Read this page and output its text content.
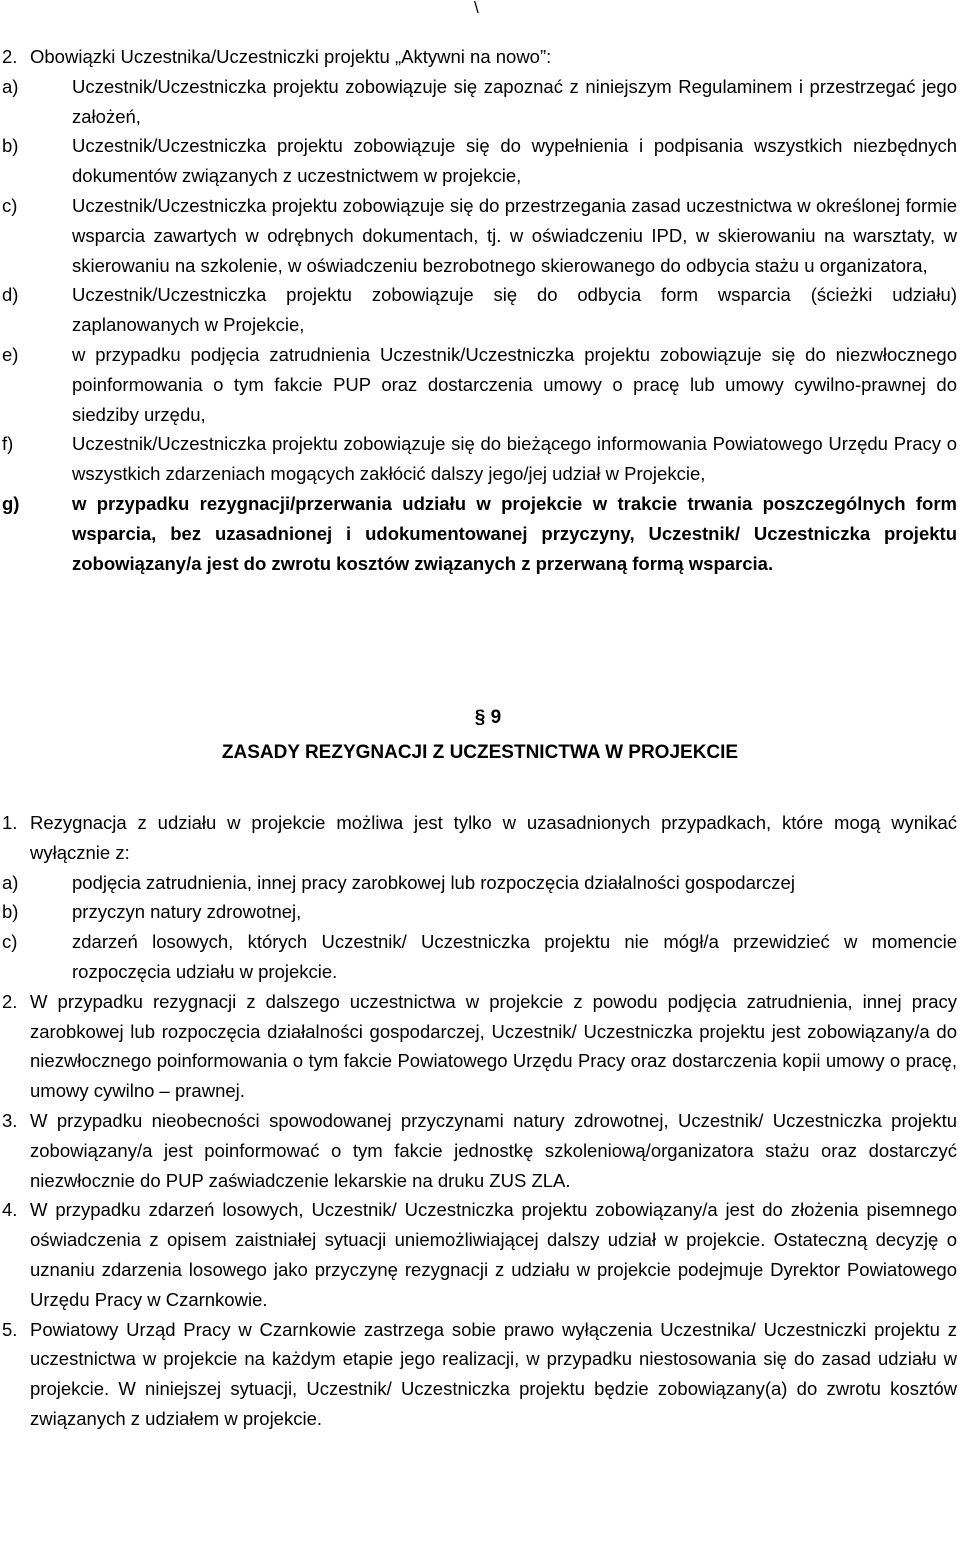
\
2. Obowiązki Uczestnika/Uczestniczki projektu „Aktywni na nowo”:
a)	Uczestnik/Uczestniczka projektu zobowiązuje się zapoznać z niniejszym Regulaminem i przestrzegać jego założeń,
b)	Uczestnik/Uczestniczka projektu zobowiązuje się do wypełnienia i podpisania wszystkich niezbędnych dokumentów związanych z uczestnictwem w projekcie,
c)	Uczestnik/Uczestniczka projektu zobowiązuje się do przestrzegania zasad uczestnictwa w określonej formie wsparcia zawartych w odrębnych dokumentach, tj. w oświadczeniu IPD, w skierowaniu na warsztaty, w skierowaniu na szkolenie, w oświadczeniu bezrobotnego skierowanego do odbycia stażu u organizatora,
d)	Uczestnik/Uczestniczka projektu zobowiązuje się do odbycia form wsparcia (ścieżki udziału) zaplanowanych w Projekcie,
e)	w przypadku podjęcia zatrudnienia Uczestnik/Uczestniczka projektu zobowiązuje się do niezwłocznego poinformowania o tym fakcie PUP oraz dostarczenia umowy o pracę lub umowy cywilno-prawnej do siedziby urzędu,
f)	Uczestnik/Uczestniczka projektu zobowiązuje się do bieżącego informowania Powiatowego Urzędu Pracy o wszystkich zdarzeniach mogących zakłócić dalszy jego/jej udział w Projekcie,
g)	w przypadku rezygnacji/przerwania udziału w projekcie w trakcie trwania poszczególnych form wsparcia, bez uzasadnionej i udokumentowanej przyczyny, Uczestnik/ Uczestniczka projektu zobowiązany/a jest do zwrotu kosztów związanych z przerwaną formą wsparcia.
§ 9
ZASADY REZYGNACJI Z UCZESTNICTWA W PROJEKCIE
1. Rezygnacja z udziału w projekcie możliwa jest tylko w uzasadnionych przypadkach, które mogą wynikać wyłącznie z:
a)	podjęcia zatrudnienia, innej pracy zarobkowej lub rozpoczęcia działalności gospodarczej
b)	przyczyn natury zdrowotnej,
c)	zdarzeń losowych, których Uczestnik/ Uczestniczka projektu nie mógł/a przewidzieć w momencie rozpoczęcia udziału w projekcie.
2. W przypadku rezygnacji z dalszego uczestnictwa w projekcie z powodu podjęcia zatrudnienia, innej pracy zarobkowej lub rozpoczęcia działalności gospodarczej, Uczestnik/ Uczestniczka projektu jest zobowiązany/a do niezwłocznego poinformowania o tym fakcie Powiatowego Urzędu Pracy oraz dostarczenia kopii umowy o pracę, umowy cywilno – prawnej.
3. W przypadku nieobecności spowodowanej przyczynami natury zdrowotnej, Uczestnik/ Uczestniczka projektu zobowiązany/a jest poinformować o tym fakcie jednostkę szkoleniową/organizatora stażu oraz dostarczyć niezwłocznie do PUP zaświadczenie lekarskie na druku ZUS ZLA.
4. W przypadku zdarzeń losowych, Uczestnik/ Uczestniczka projektu zobowiązany/a jest do złożenia pisemnego oświadczenia z opisem zaistniałej sytuacji uniemożliwiającej dalszy udział w projekcie. Ostateczną decyzję o uznaniu zdarzenia losowego jako przyczynę rezygnacji z udziału w projekcie podejmuje Dyrektor Powiatowego Urzędu Pracy w Czarnkowie.
5. Powiatowy Urząd Pracy w Czarnkowie zastrzega sobie prawo wyłączenia Uczestnika/ Uczestniczki projektu z uczestnictwa w projekcie na każdym etapie jego realizacji, w przypadku niestosowania się do zasad udziału w projekcie. W niniejszej sytuacji, Uczestnik/ Uczestniczka projektu będzie zobowiązany(a) do zwrotu kosztów związanych z udziałem w projekcie.
